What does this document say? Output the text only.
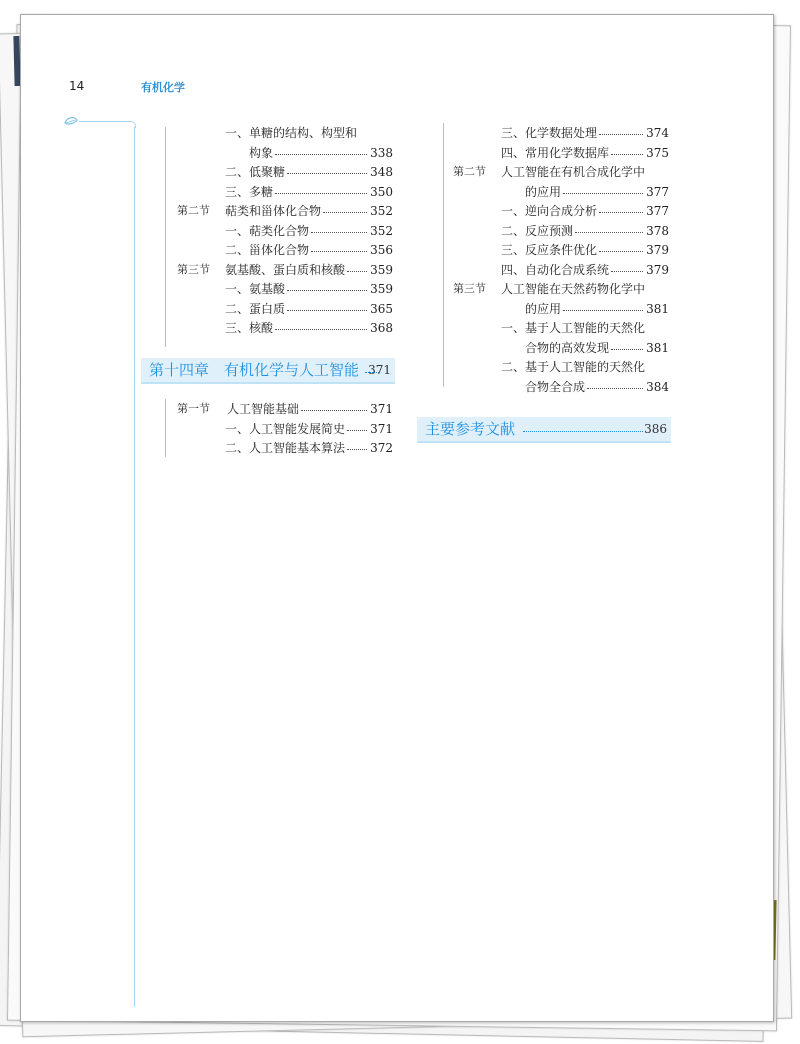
14	有机化学
一、单糖的结构、构型和
构象	338
二、低聚糖	348
三、多糖	350
第二节 萜类和甾体化合物	352
一、萜类化合物	352
二、甾体化合物	356
第三节 氨基酸、蛋白质和核酸 359
一、氨基酸	359
二、蛋白质	365
三、核酸	368
第十四章　有机化学与人工智能 371
第一节 人工智能基础	371
一、人工智能发展简史 371
二、人工智能基本算法 372
三、化学数据处理	374
四、常用化学数据库	375
第二节 人工智能在有机合成化学中
的应用	377
一、逆向合成分析	377
二、反应预测	378
三、反应条件优化	379
四、自动化合成系统	379
第三节 人工智能在天然药物化学中
的应用	381
一、基于人工智能的天然化
合物的高效发现	381
二、基于人工智能的天然化
合物全合成	384
主要参考文献	386
